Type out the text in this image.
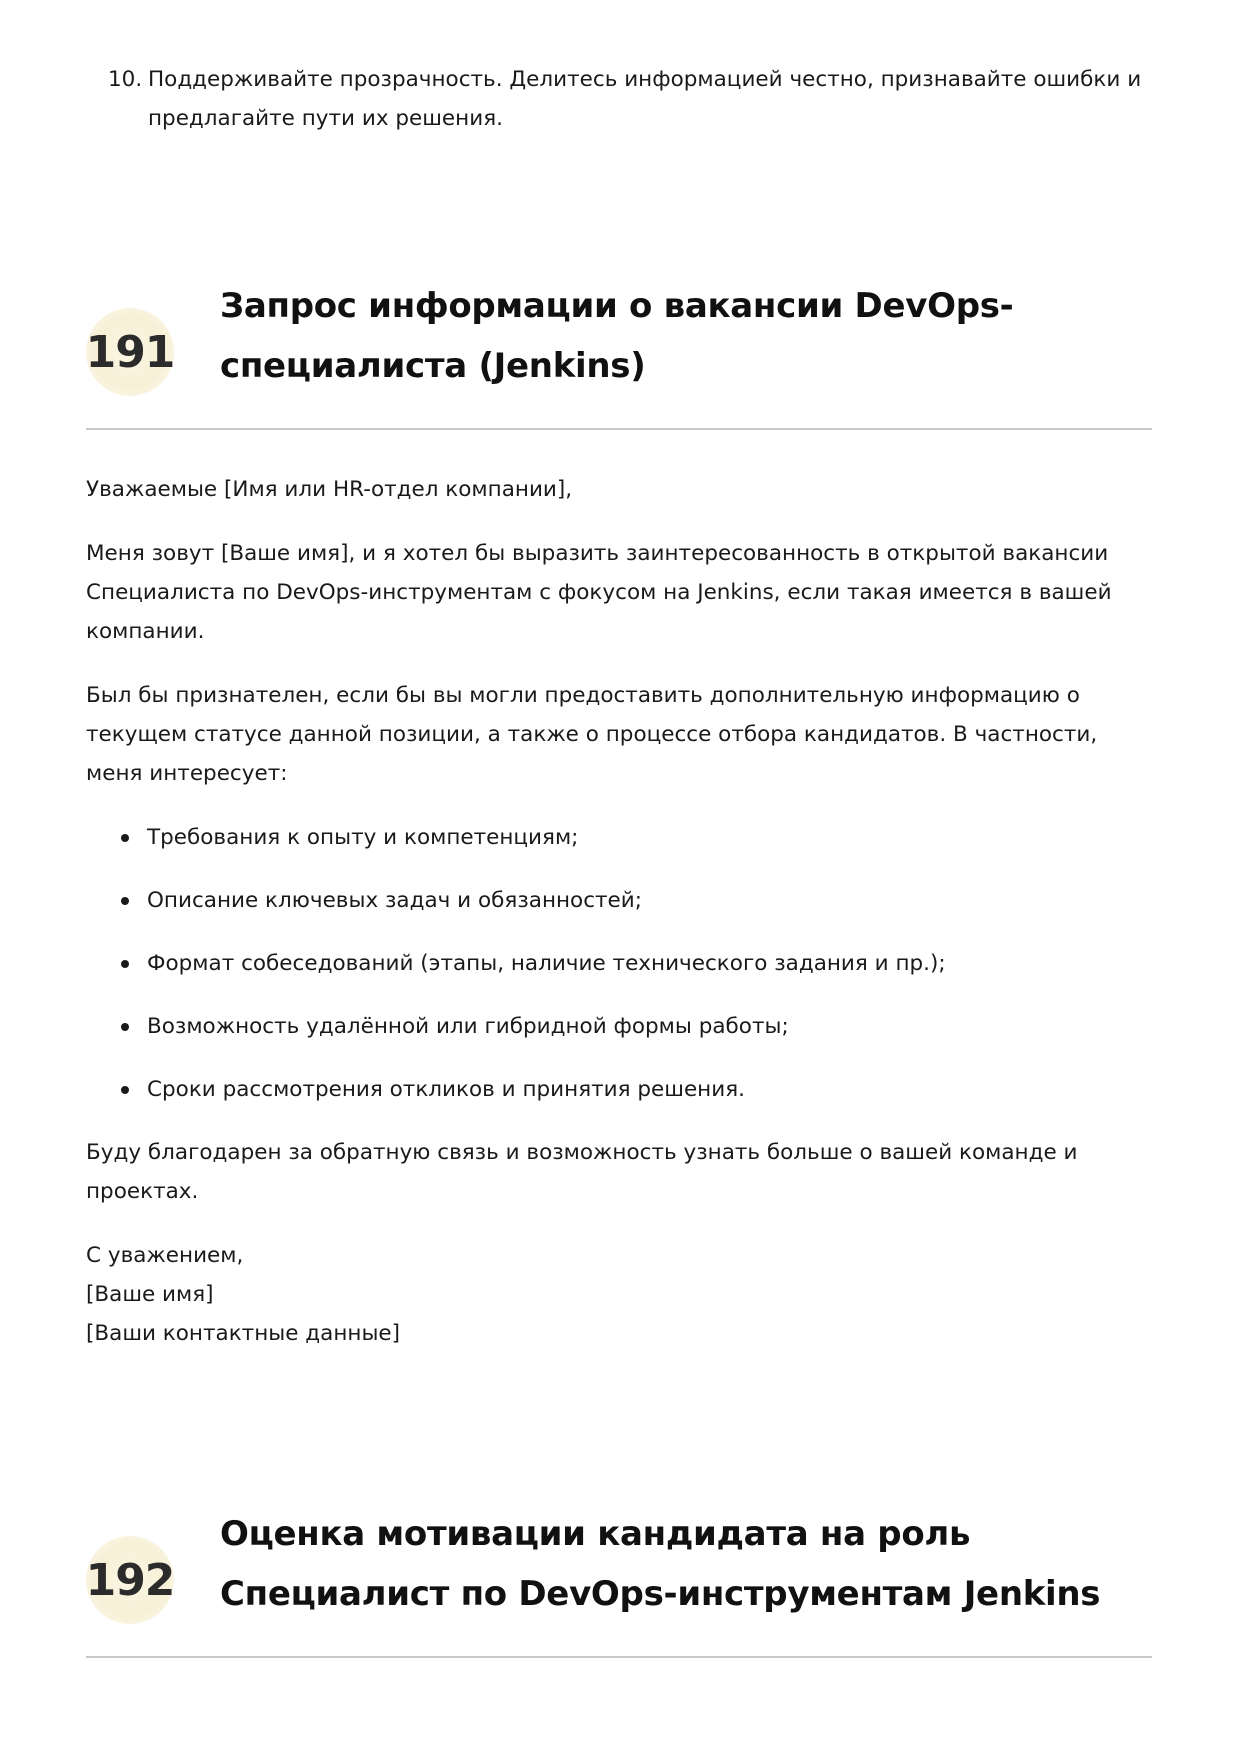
10. Поддерживайте прозрачность. Делитесь информацией честно, признавайте ошибки и предлагайте пути их решения.
191
Запрос информации о вакансии DevOps-специалиста (Jenkins)

Уважаемые [Имя или HR-отдел компании],

Меня зовут [Ваше имя], и я хотел бы выразить заинтересованность в открытой вакансии Специалиста по DevOps-инструментам с фокусом на Jenkins, если такая имеется в вашей компании.

Был бы признателен, если бы вы могли предоставить дополнительную информацию о текущем статусе данной позиции, а также о процессе отбора кандидатов. В частности, меня интересует:

Требования к опыту и компетенциям;
Описание ключевых задач и обязанностей;
Формат собеседований (этапы, наличие технического задания и пр.);
Возможность удалённой или гибридной формы работы;
Сроки рассмотрения откликов и принятия решения.

Буду благодарен за обратную связь и возможность узнать больше о вашей команде и проектах.

С уважением,
[Ваше имя]
[Ваши контактные данные]

192
Оценка мотивации кандидата на роль Специалист по DevOps-инструментам Jenkins
